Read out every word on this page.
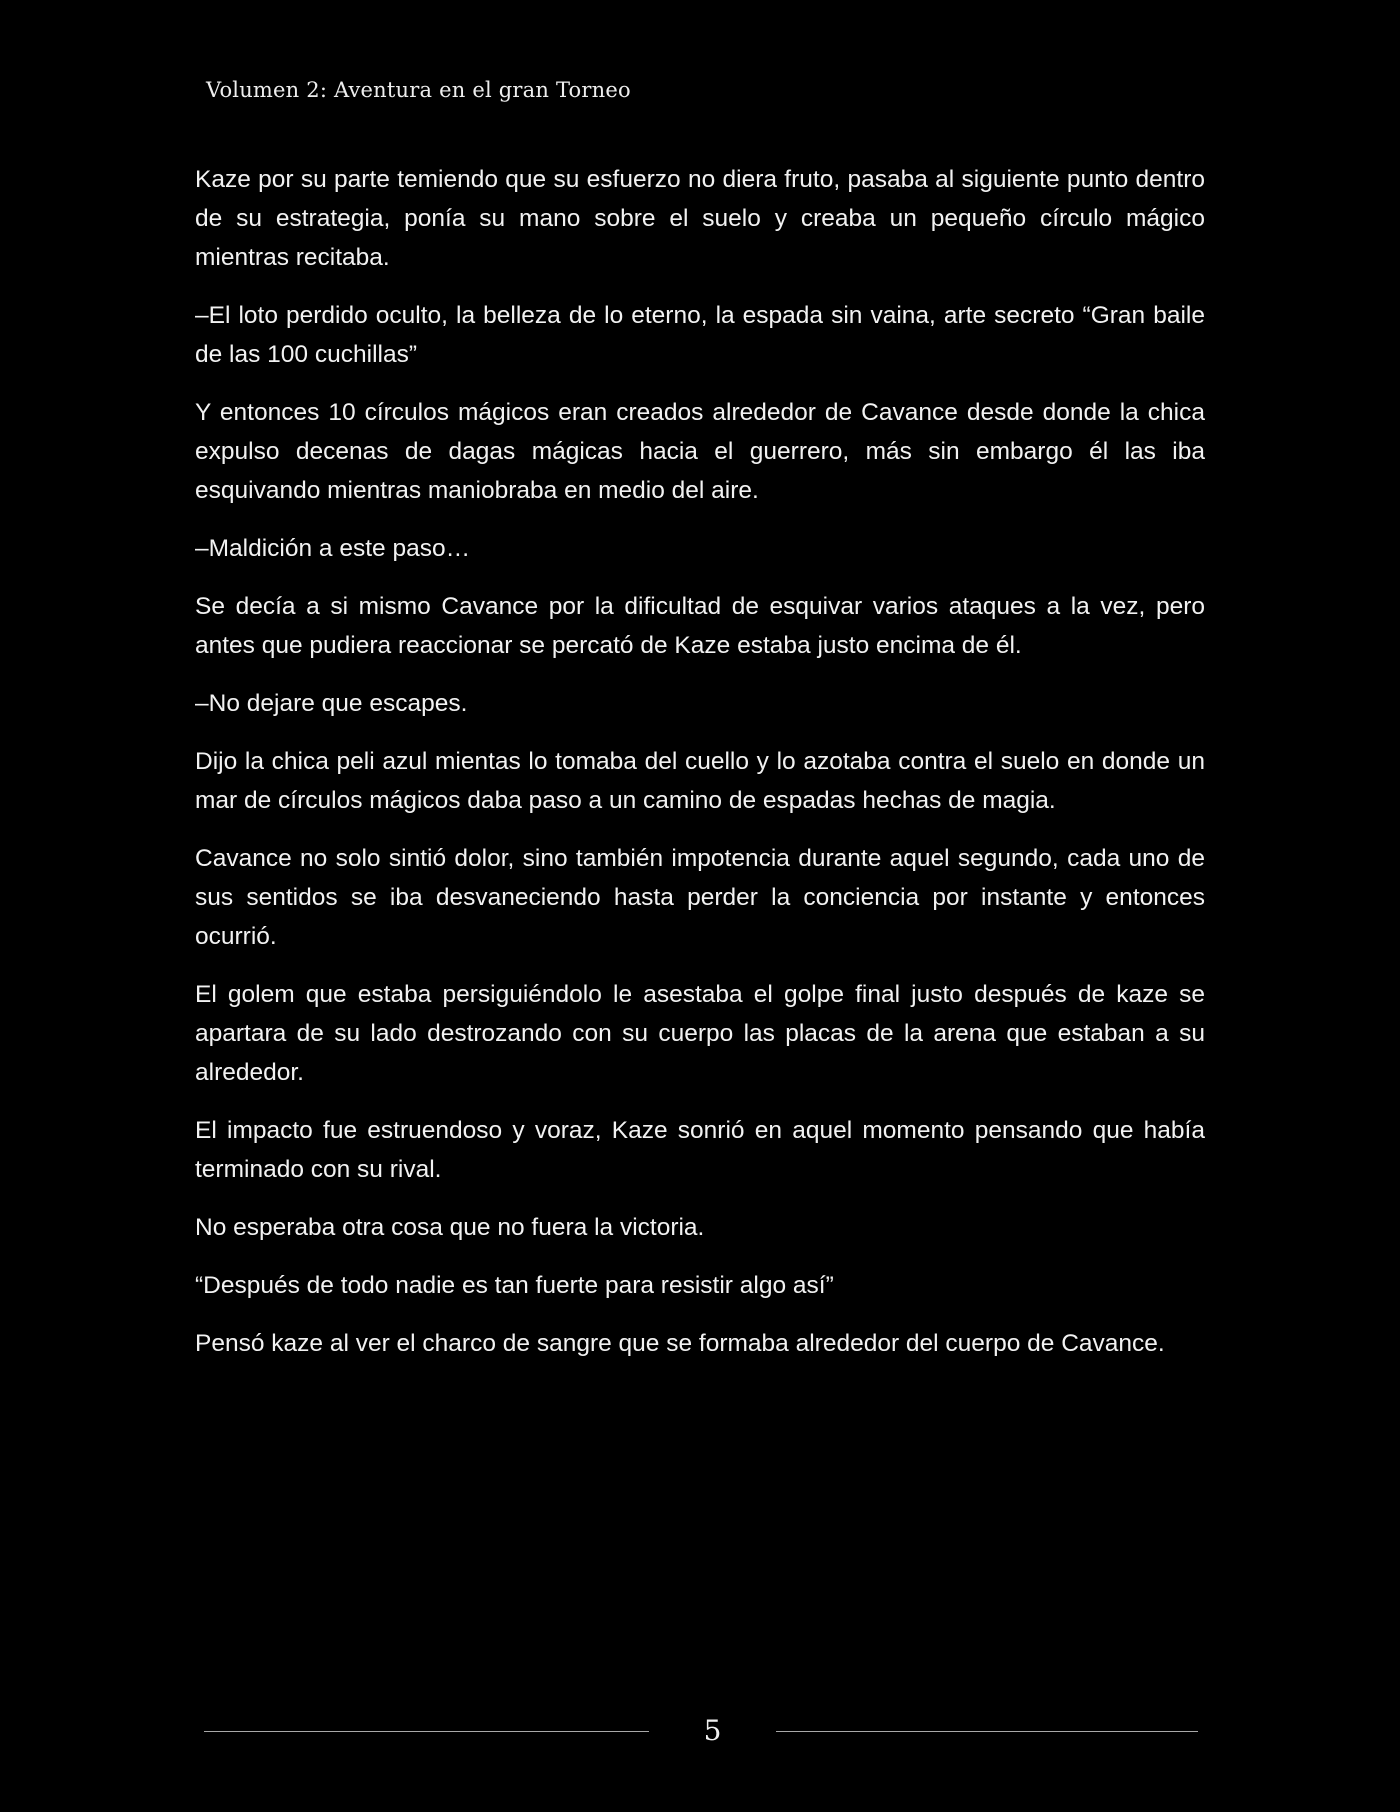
Volumen 2: Aventura en el gran Torneo

Kaze por su parte temiendo que su esfuerzo no diera fruto, pasaba al siguiente punto dentro de su estrategia, ponía su mano sobre el suelo y creaba un pequeño círculo mágico mientras recitaba.

–El loto perdido oculto, la belleza de lo eterno, la espada sin vaina, arte secreto “Gran baile de las 100 cuchillas”

Y entonces 10 círculos mágicos eran creados alrededor de Cavance desde donde la chica expulso decenas de dagas mágicas hacia el guerrero, más sin embargo él las iba esquivando mientras maniobraba en medio del aire.

–Maldición a este paso…

Se decía a si mismo Cavance por la dificultad de esquivar varios ataques a la vez, pero antes que pudiera reaccionar se percató de Kaze estaba justo encima de él.

–No dejare que escapes.

Dijo la chica peli azul mientas lo tomaba del cuello y lo azotaba contra el suelo en donde un mar de círculos mágicos daba paso a un camino de espadas hechas de magia.

Cavance no solo sintió dolor, sino también impotencia durante aquel segundo, cada uno de sus sentidos se iba desvaneciendo hasta perder la conciencia por instante y entonces ocurrió.

El golem que estaba persiguiéndolo le asestaba el golpe final justo después de kaze se apartara de su lado destrozando con su cuerpo las placas de la arena que estaban a su alrededor.

El impacto fue estruendoso y voraz, Kaze sonrió en aquel momento pensando que había terminado con su rival.

No esperaba otra cosa que no fuera la victoria.

“Después de todo nadie es tan fuerte para resistir algo así”

Pensó kaze al ver el charco de sangre que se formaba alrededor del cuerpo de Cavance.

5
